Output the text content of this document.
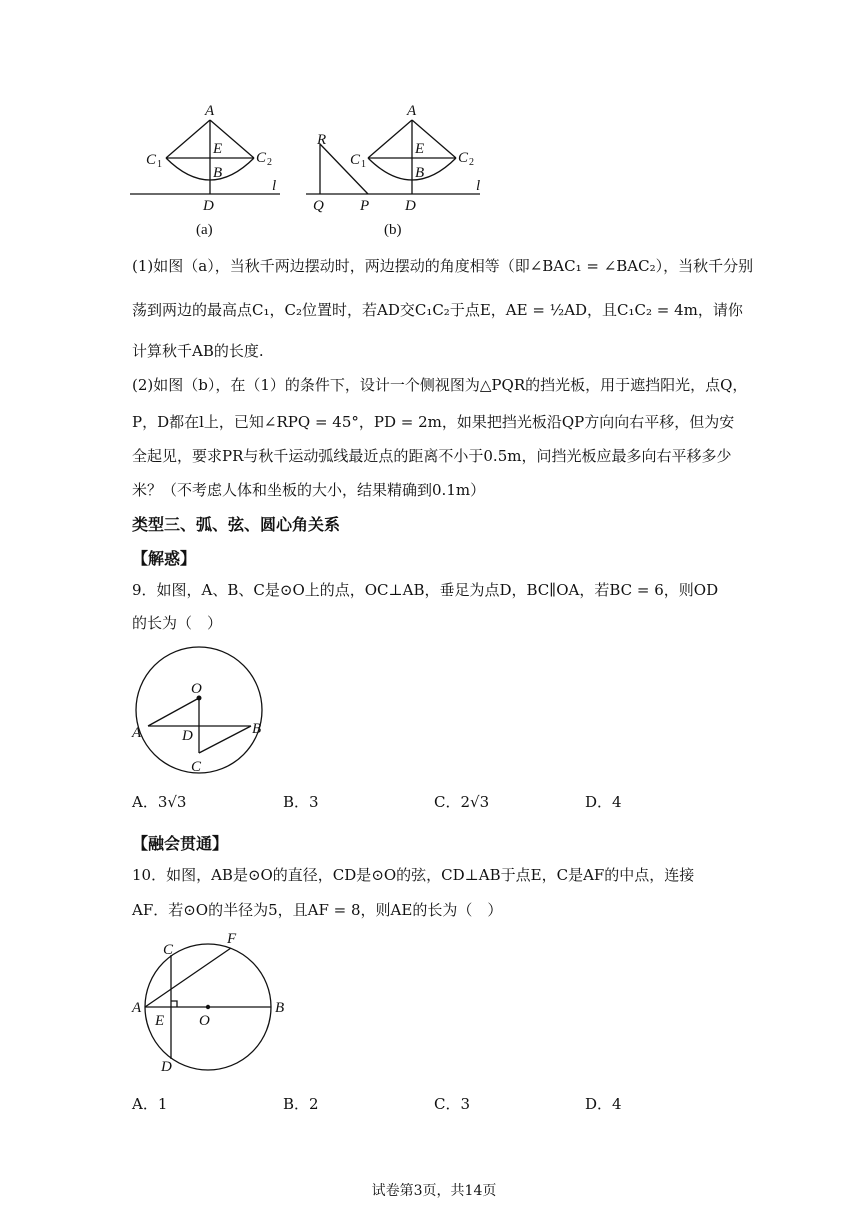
A
E
B
C 1	C 2
D
l
(a)
R
A
E
B
C 1	C 2
Q P D
l
(b)
(1)如图（a），当秋千两边摆动时，两边摆动的角度相等（即∠BAC₁ = ∠BAC₂），当秋千分别
荡到两边的最高点C₁，C₂位置时，若AD交C₁C₂于点E，AE = ½AD，且C₁C₂ = 4m，请你
计算秋千AB的长度.
(2)如图（b），在（1）的条件下，设计一个侧视图为△PQR的挡光板，用于遮挡阳光，点Q，
P，D都在l上，已知∠RPQ = 45°，PD = 2m，如果把挡光板沿QP方向向右平移，但为安
全起见，要求PR与秋千运动弧线最近点的距离不小于0.5m，问挡光板应最多向右平移多少
米？（不考虑人体和坐板的大小，结果精确到0.1m）
类型三、弧、弦、圆心角关系
【解惑】
9．如图，A、B、C是⊙O上的点，OC⊥AB，垂足为点D，BC∥OA，若BC = 6，则OD
的长为（　）
O
A	B
D
C
A．3√3	B．3	C．2√3	D．4
【融会贯通】
10．如图，AB是⊙O的直径，CD是⊙O的弦，CD⊥AB于点E，C是AF的中点，连接
AF．若⊙O的半径为5，且AF = 8，则AE的长为（　）
C
F
A
E O
B
D
A．1	B．2	C．3	D．4
试卷第3页，共14页
